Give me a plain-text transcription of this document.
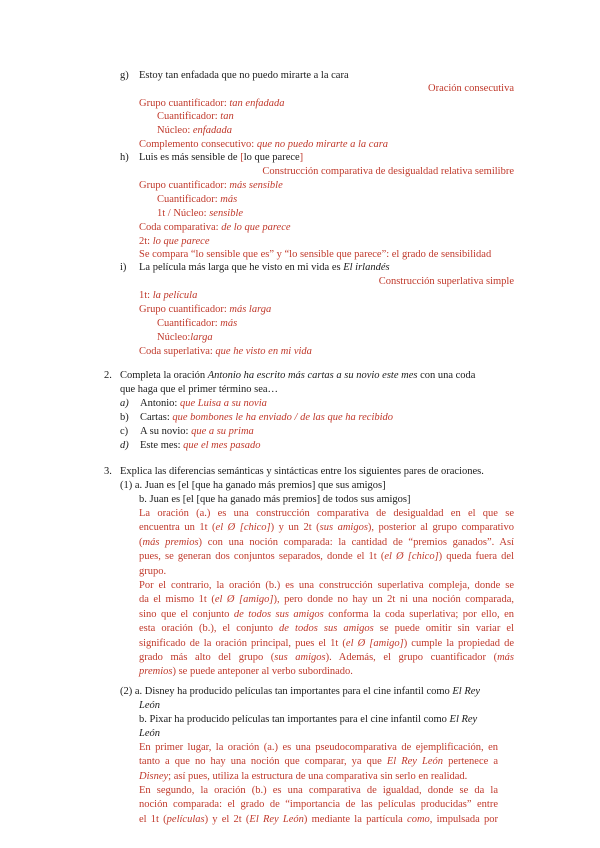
g) Estoy tan enfadada que no puedo mirarte a la cara
Oración consecutiva
Grupo cuantificador: tan enfadada
Cuantificador: tan
Núcleo: enfadada
Complemento consecutivo: que no puedo mirarte a la cara
h) Luis es más sensible de [lo que parece]
Construcción comparativa de desigualdad relativa semilibre
Grupo cuantificador: más sensible
Cuantificador: más
1t / Núcleo: sensible
Coda comparativa: de lo que parece
2t: lo que parece
Se compara “lo sensible que es” y “lo sensible que parece”: el grado de sensibilidad
i) La película más larga que he visto en mi vida es El irlandés
Construcción superlativa simple
1t: la película
Grupo cuantificador: más larga
Cuantificador: más
Núcleo:larga
Coda superlativa: que he visto en mi vida
2. Completa la oración Antonio ha escrito más cartas a su novio este mes con una coda
que haga que el primer término sea…
a) Antonio: que Luisa a su novia
b) Cartas: que bombones le ha enviado / de las que ha recibido
c) A su novio: que a su prima
d) Este mes: que el mes pasado
3. Explica las diferencias semánticas y sintácticas entre los siguientes pares de oraciones.
(1) a. Juan es [el [que ha ganado más premios] que sus amigos]
b. Juan es [el [que ha ganado más premios] de todos sus amigos]
La oración (a.) es una construcción comparativa de desigualdad en el que se
encuentra un 1t (el Ø [chico]) y un 2t (sus amigos), posterior al grupo comparativo
(más premios) con una noción comparada: la cantidad de “premios ganados”. Así
pues, se generan dos conjuntos separados, donde el 1t (el Ø [chico]) queda fuera del
grupo.
Por el contrario, la oración (b.) es una construcción superlativa compleja, donde se
da el mismo 1t (el Ø [amigo]), pero donde no hay un 2t ni una noción comparada,
sino que el conjunto de todos sus amigos conforma la coda superlativa; por ello, en
esta oración (b.), el conjunto de todos sus amigos se puede omitir sin variar el
significado de la oración principal, pues el 1t (el Ø [amigo]) cumple la propiedad de
grado más alto del grupo (sus amigos). Además, el grupo cuantificador (más
premios) se puede anteponer al verbo subordinado.
(2) a. Disney ha producido películas tan importantes para el cine infantil como El Rey
León
b. Pixar ha producido películas tan importantes para el cine infantil como El Rey
León
En primer lugar, la oración (a.) es una pseudocomparativa de ejemplificación, en
tanto a que no hay una noción que comparar, ya que El Rey León pertenece a
Disney; así pues, utiliza la estructura de una comparativa sin serlo en realidad.
En segundo, la oración (b.) es una comparativa de igualdad, donde se da la
noción comparada: el grado de “importancia de las películas producidas” entre
el 1t (películas) y el 2t (El Rey León) mediante la partícula como, impulsada por
